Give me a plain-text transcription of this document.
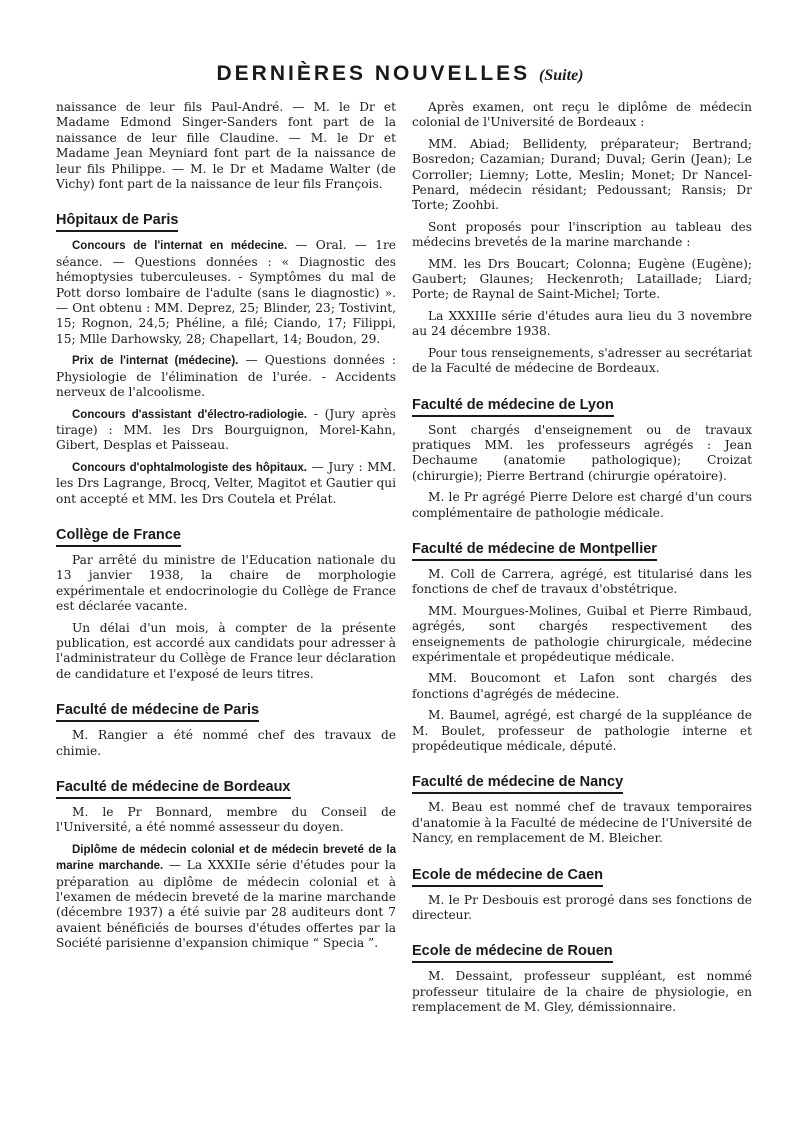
DERNIÈRES NOUVELLES (Suite)

naissance de leur fils Paul-André. — M. le Dr et Madame Edmond Singer-Sanders font part de la naissance de leur fille Claudine. — M. le Dr et Madame Jean Meyniard font part de la naissance de leur fils Philippe. — M. le Dr et Madame Walter (de Vichy) font part de la naissance de leur fils François.

Hôpitaux de Paris

Concours de l'internat en médecine. — Oral. — 1re séance. — Questions données : « Diagnostic des hémoptysies tuberculeuses. - Symptômes du mal de Pott dorso lombaire de l'adulte (sans le diagnostic) ». — Ont obtenu : MM. Deprez, 25; Blinder, 23; Tostivint, 15; Rognon, 24,5; Phéline, a filé; Ciando, 17; Filippi, 15; Mlle Darhowsky, 28; Chapellart, 14; Boudon, 29.

Prix de l'internat (médecine). — Questions données : Physiologie de l'élimination de l'urée. - Accidents nerveux de l'alcoolisme.

Concours d'assistant d'électro-radiologie. - (Jury après tirage) : MM. les Drs Bourguignon, Morel-Kahn, Gibert, Desplas et Paisseau.

Concours d'ophtalmologiste des hôpitaux. — Jury : MM. les Drs Lagrange, Brocq, Velter, Magitot et Gautier qui ont accepté et MM. les Drs Coutela et Prélat.

Collège de France

Par arrêté du ministre de l'Education nationale du 13 janvier 1938, la chaire de morphologie expérimentale et endocrinologie du Collège de France est déclarée vacante.

Un délai d'un mois, à compter de la présente publication, est accordé aux candidats pour adresser à l'administrateur du Collège de France leur déclaration de candidature et l'exposé de leurs titres.

Faculté de médecine de Paris

M. Rangier a été nommé chef des travaux de chimie.

Faculté de médecine de Bordeaux

M. le Pr Bonnard, membre du Conseil de l'Université, a été nommé assesseur du doyen.

Diplôme de médecin colonial et de médecin breveté de la marine marchande. — La XXXIIe série d'études pour la préparation au diplôme de médecin colonial et à l'examen de médecin breveté de la marine marchande (décembre 1937) a été suivie par 28 auditeurs dont 7 avaient bénéficiés de bourses d'études offertes par la Société parisienne d'expansion chimique “ Specia ”.

Après examen, ont reçu le diplôme de médecin colonial de l'Université de Bordeaux :

MM. Abiad; Bellidenty, préparateur; Bertrand; Bosredon; Cazamian; Durand; Duval; Gerin (Jean); Le Corroller; Liemny; Lotte, Meslin; Monet; Dr Nancel-Penard, médecin résidant; Pedoussant; Ransis; Dr Torte; Zoohbi.

Sont proposés pour l'inscription au tableau des médecins brevetés de la marine marchande :

MM. les Drs Boucart; Colonna; Eugène (Eugène); Gaubert; Glaunes; Heckenroth; Lataillade; Liard; Porte; de Raynal de Saint-Michel; Torte.

La XXXIIIe série d'études aura lieu du 3 novembre au 24 décembre 1938.

Pour tous renseignements, s'adresser au secrétariat de la Faculté de médecine de Bordeaux.

Faculté de médecine de Lyon

Sont chargés d'enseignement ou de travaux pratiques MM. les professeurs agrégés : Jean Dechaume (anatomie pathologique); Croizat (chirurgie); Pierre Bertrand (chirurgie opératoire).

M. le Pr agrégé Pierre Delore est chargé d'un cours complémentaire de pathologie médicale.

Faculté de médecine de Montpellier

M. Coll de Carrera, agrégé, est titularisé dans les fonctions de chef de travaux d'obstétrique.

MM. Mourgues-Molines, Guibal et Pierre Rimbaud, agrégés, sont chargés respectivement des enseignements de pathologie chirurgicale, médecine expérimentale et propédeutique médicale.

MM. Boucomont et Lafon sont chargés des fonctions d'agrégés de médecine.

M. Baumel, agrégé, est chargé de la suppléance de M. Boulet, professeur de pathologie interne et propédeutique médicale, député.

Faculté de médecine de Nancy

M. Beau est nommé chef de travaux temporaires d'anatomie à la Faculté de médecine de l'Université de Nancy, en remplacement de M. Bleicher.

Ecole de médecine de Caen

M. le Pr Desbouis est prorogé dans ses fonctions de directeur.

Ecole de médecine de Rouen

M. Dessaint, professeur suppléant, est nommé professeur titulaire de la chaire de physiologie, en remplacement de M. Gley, démissionnaire.
